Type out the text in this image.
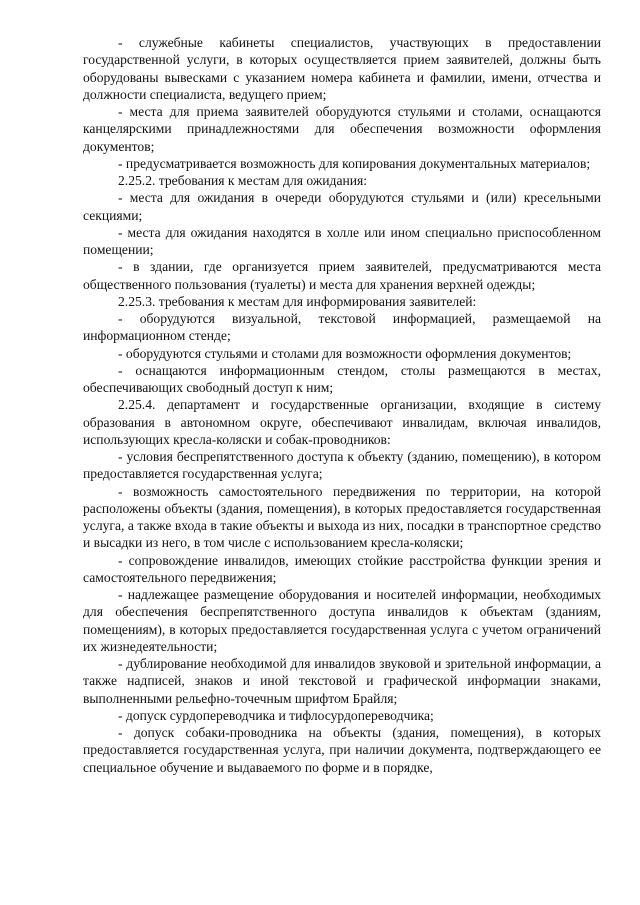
- служебные кабинеты специалистов, участвующих в предоставлении государственной услуги, в которых осуществляется прием заявителей, должны быть оборудованы вывесками с указанием номера кабинета и фамилии, имени, отчества и должности специалиста, ведущего прием;

- места для приема заявителей оборудуются стульями и столами, оснащаются канцелярскими принадлежностями для обеспечения возможности оформления документов;

- предусматривается возможность для копирования документальных материалов;

2.25.2. требования к местам для ожидания:

- места для ожидания в очереди оборудуются стульями и (или) кресельными секциями;

- места для ожидания находятся в холле или ином специально приспособленном помещении;

- в здании, где организуется прием заявителей, предусматриваются места общественного пользования (туалеты) и места для хранения верхней одежды;

2.25.3. требования к местам для информирования заявителей:

- оборудуются визуальной, текстовой информацией, размещаемой на информационном стенде;

- оборудуются стульями и столами для возможности оформления документов;

- оснащаются информационным стендом, столы размещаются в местах, обеспечивающих свободный доступ к ним;

2.25.4. департамент и государственные организации, входящие в систему образования в автономном округе, обеспечивают инвалидам, включая инвалидов, использующих кресла-коляски и собак-проводников:

- условия беспрепятственного доступа к объекту (зданию, помещению), в котором предоставляется государственная услуга;

- возможность самостоятельного передвижения по территории, на которой расположены объекты (здания, помещения), в которых предоставляется государственная услуга, а также входа в такие объекты и выхода из них, посадки в транспортное средство и высадки из него, в том числе с использованием кресла-коляски;

- сопровождение инвалидов, имеющих стойкие расстройства функции зрения и самостоятельного передвижения;

- надлежащее размещение оборудования и носителей информации, необходимых для обеспечения беспрепятственного доступа инвалидов к объектам (зданиям, помещениям), в которых предоставляется государственная услуга с учетом ограничений их жизнедеятельности;

- дублирование необходимой для инвалидов звуковой и зрительной информации, а также надписей, знаков и иной текстовой и графической информации знаками, выполненными рельефно-точечным шрифтом Брайля;

- допуск сурдопереводчика и тифлосурдопереводчика;

- допуск собаки-проводника на объекты (здания, помещения), в которых предоставляется государственная услуга, при наличии документа, подтверждающего ее специальное обучение и выдаваемого по форме и в порядке,
